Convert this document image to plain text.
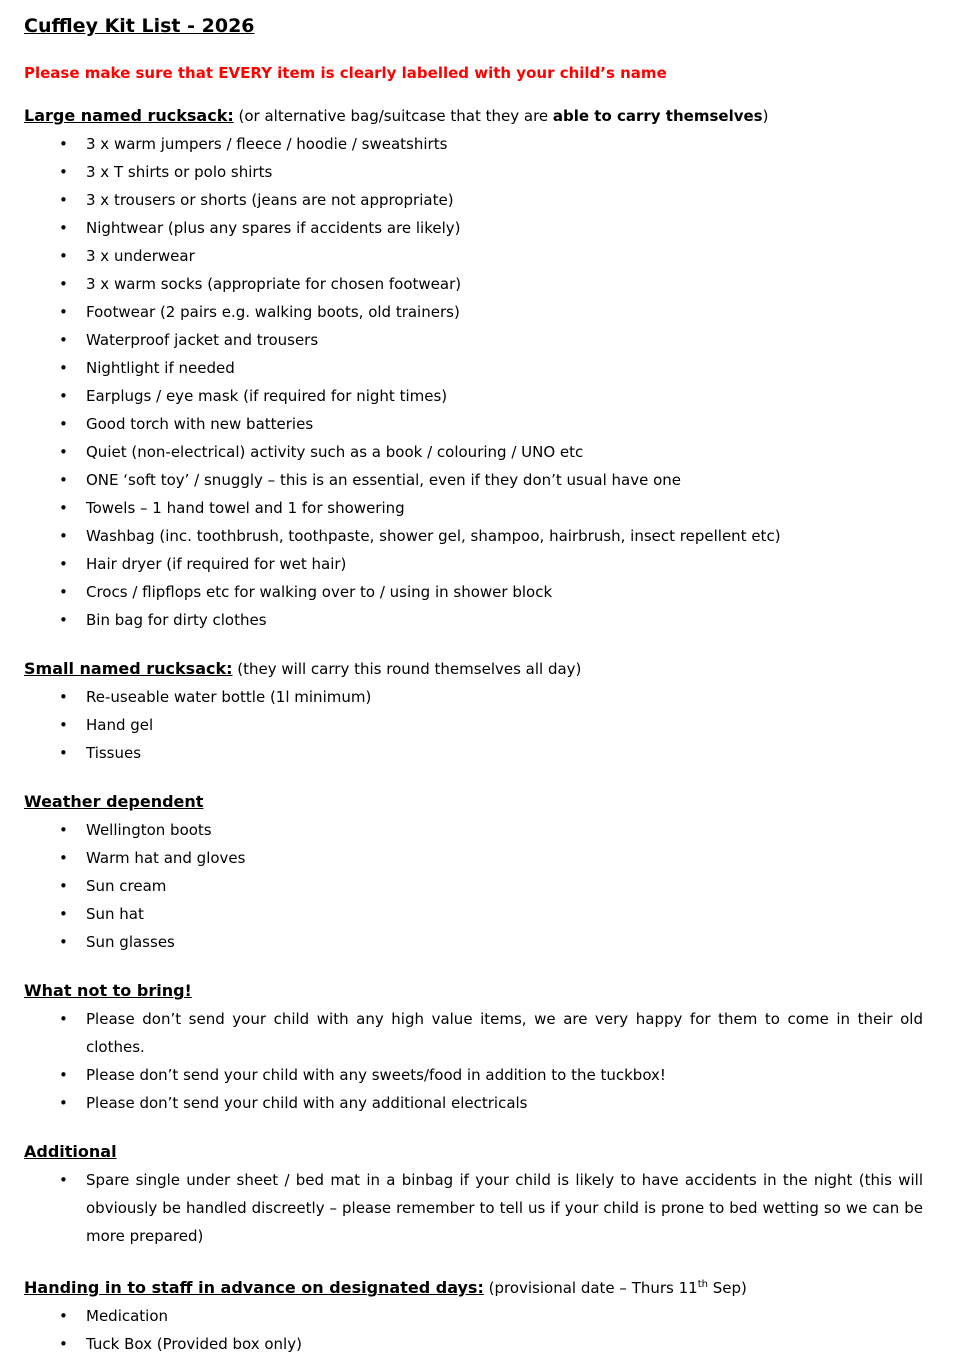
Cuffley Kit List - 2026

Please make sure that EVERY item is clearly labelled with your child’s name

Large named rucksack: (or alternative bag/suitcase that they are able to carry themselves)

• 3 x warm jumpers / fleece / hoodie / sweatshirts
• 3 x T shirts or polo shirts
• 3 x trousers or shorts (jeans are not appropriate)
• Nightwear (plus any spares if accidents are likely)
• 3 x underwear
• 3 x warm socks (appropriate for chosen footwear)
• Footwear (2 pairs e.g. walking boots, old trainers)
• Waterproof jacket and trousers
• Nightlight if needed
• Earplugs / eye mask (if required for night times)
• Good torch with new batteries
• Quiet (non-electrical) activity such as a book / colouring / UNO etc
• ONE ‘soft toy’ / snuggly – this is an essential, even if they don’t usual have one
• Towels – 1 hand towel and 1 for showering
• Washbag (inc. toothbrush, toothpaste, shower gel, shampoo, hairbrush, insect repellent etc)
• Hair dryer (if required for wet hair)
• Crocs / flipflops etc for walking over to / using in shower block
• Bin bag for dirty clothes

Small named rucksack: (they will carry this round themselves all day)

• Re-useable water bottle (1l minimum)
• Hand gel
• Tissues

Weather dependent

• Wellington boots
• Warm hat and gloves
• Sun cream
• Sun hat
• Sun glasses

What not to bring!

• Please don’t send your child with any high value items, we are very happy for them to come in their old clothes.
• Please don’t send your child with any sweets/food in addition to the tuckbox!
• Please don’t send your child with any additional electricals

Additional

• Spare single under sheet / bed mat in a binbag if your child is likely to have accidents in the night (this will obviously be handled discreetly – please remember to tell us if your child is prone to bed wetting so we can be more prepared)

Handing in to staff in advance on designated days: (provisional date – Thurs 11th Sep)

• Medication
• Tuck Box (Provided box only)
